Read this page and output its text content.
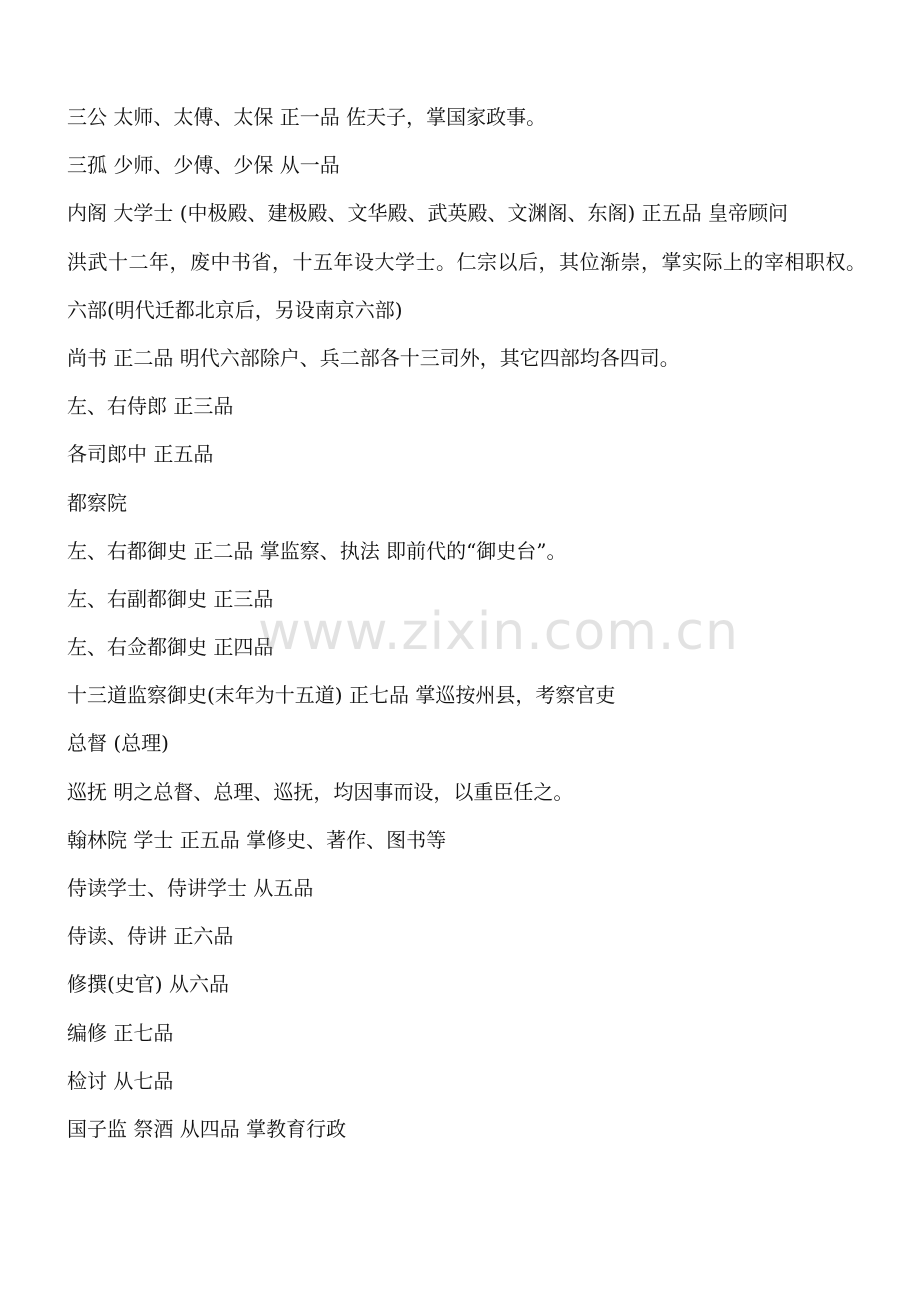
三公 太师、太傅、太保 正一品 佐天子，掌国家政事。
三孤 少师、少傅、少保 从一品
内阁 大学士 (中极殿、建极殿、文华殿、武英殿、文渊阁、东阁) 正五品 皇帝顾问
洪武十二年，废中书省，十五年设大学士。仁宗以后，其位渐崇，掌实际上的宰相职权。
六部(明代迁都北京后，另设南京六部)
尚书 正二品 明代六部除户、兵二部各十三司外，其它四部均各四司。
左、右侍郎 正三品
各司郎中 正五品
都察院
左、右都御史 正二品 掌监察、执法 即前代的“御史台”。
左、右副都御史 正三品
左、右佥都御史 正四品
十三道监察御史(末年为十五道) 正七品 掌巡按州县，考察官吏
总督 (总理)
巡抚 明之总督、总理、巡抚，均因事而设，以重臣任之。
翰林院 学士 正五品 掌修史、著作、图书等
侍读学士、侍讲学士 从五品
侍读、侍讲 正六品
修撰(史官) 从六品
编修 正七品
检讨 从七品
国子监 祭酒 从四品 掌教育行政
www.zixin.com.cn
